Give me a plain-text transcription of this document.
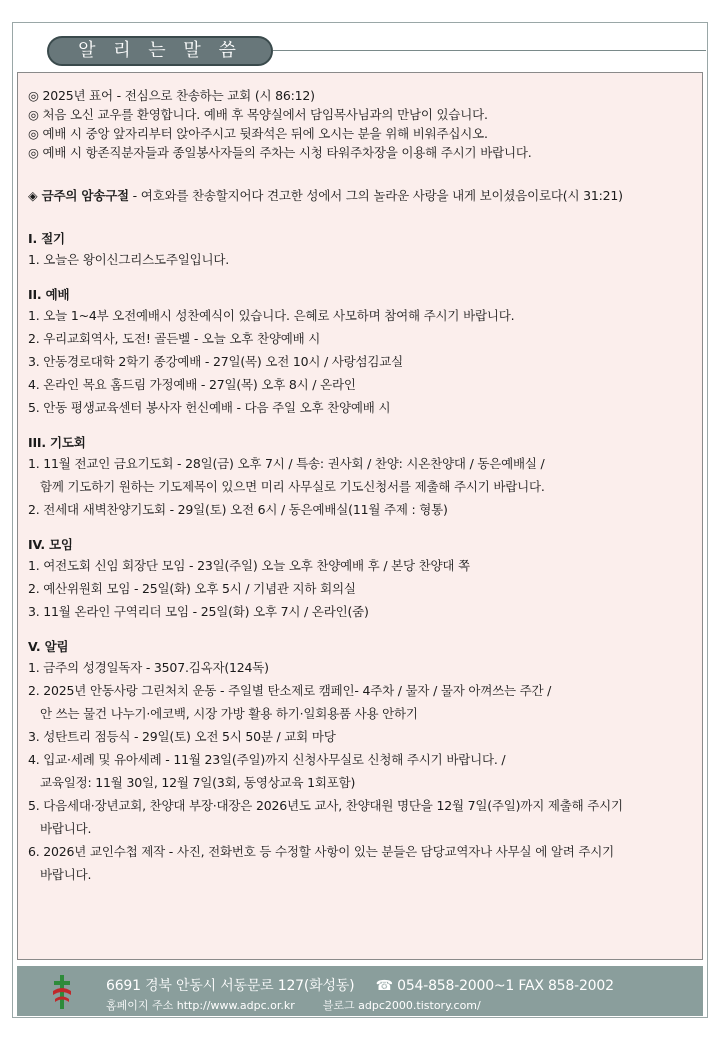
알 리 는 말 씀
◎ 2025년 표어 - 전심으로 찬송하는 교회 (시 86:12)
◎ 처음 오신 교우를 환영합니다. 예배 후 목양실에서 담임목사님과의 만남이 있습니다.
◎ 예배 시 중앙 앞자리부터 앉아주시고 뒷좌석은 뒤에 오시는 분을 위해 비워주십시오.
◎ 예배 시 항존직분자들과 종일봉사자들의 주차는 시청 타워주차장을 이용해 주시기 바랍니다.
◈ 금주의 암송구절 - 여호와를 찬송할지어다 견고한 성에서 그의 놀라운 사랑을 내게 보이셨음이로다(시 31:21)
I. 절기
1. 오늘은 왕이신그리스도주일입니다.
II. 예배
1. 오늘 1~4부 오전예배시 성찬예식이 있습니다. 은혜로 사모하며 참여해 주시기 바랍니다.
2. 우리교회역사, 도전! 골든벨 - 오늘 오후 찬양예배 시
3. 안동경로대학 2학기 종강예배 - 27일(목) 오전 10시 / 사랑섬김교실
4. 온라인 목요 홈드림 가정예배 - 27일(목) 오후 8시 / 온라인
5. 안동 평생교육센터 봉사자 헌신예배 - 다음 주일 오후 찬양예배 시
III. 기도회
1. 11월 전교인 금요기도회 - 28일(금) 오후 7시 / 특송: 권사회 / 찬양: 시온찬양대 / 동은예배실 /
함께 기도하기 원하는 기도제목이 있으면 미리 사무실로 기도신청서를 제출해 주시기 바랍니다.
2. 전세대 새벽찬양기도회 - 29일(토) 오전 6시 / 동은예배실(11월 주제 : 형통)
IV. 모임
1. 여전도회 신임 회장단 모임 - 23일(주일) 오늘 오후 찬양예배 후 / 본당 찬양대 쪽
2. 예산위원회 모임 - 25일(화) 오후 5시 / 기념관 지하 회의실
3. 11월 온라인 구역리더 모임 - 25일(화) 오후 7시 / 온라인(줌)
V. 알림
1. 금주의 성경일독자 - 3507.김옥자(124독)
2. 2025년 안동사랑 그린처치 운동 - 주일별 탄소제로 캠페인- 4주차 / 물자 / 물자 아껴쓰는 주간 /
안 쓰는 물건 나누기·에코백, 시장 가방 활용 하기·일회용품 사용 안하기
3. 성탄트리 점등식 - 29일(토) 오전 5시 50분 / 교회 마당
4. 입교·세례 및 유아세례 - 11월 23일(주일)까지 신청사무실로 신청해 주시기 바랍니다. /
교육일정: 11월 30일, 12월 7일(3회, 동영상교육 1회포함)
5. 다음세대·장년교회, 찬양대 부장·대장은 2026년도 교사, 찬양대원 명단을 12월 7일(주일)까지 제출해 주시기
바랍니다.
6. 2026년 교인수첩 제작 - 사진, 전화번호 등 수정할 사항이 있는 분들은 담당교역자나 사무실 에 알려 주시기
바랍니다.
6691 경북 안동시 서동문로 127(화성동) ☎ 054-858-2000~1 FAX 858-2002
홈페이지 주소 http://www.adpc.or.kr	블로그 adpc2000.tistory.com/
